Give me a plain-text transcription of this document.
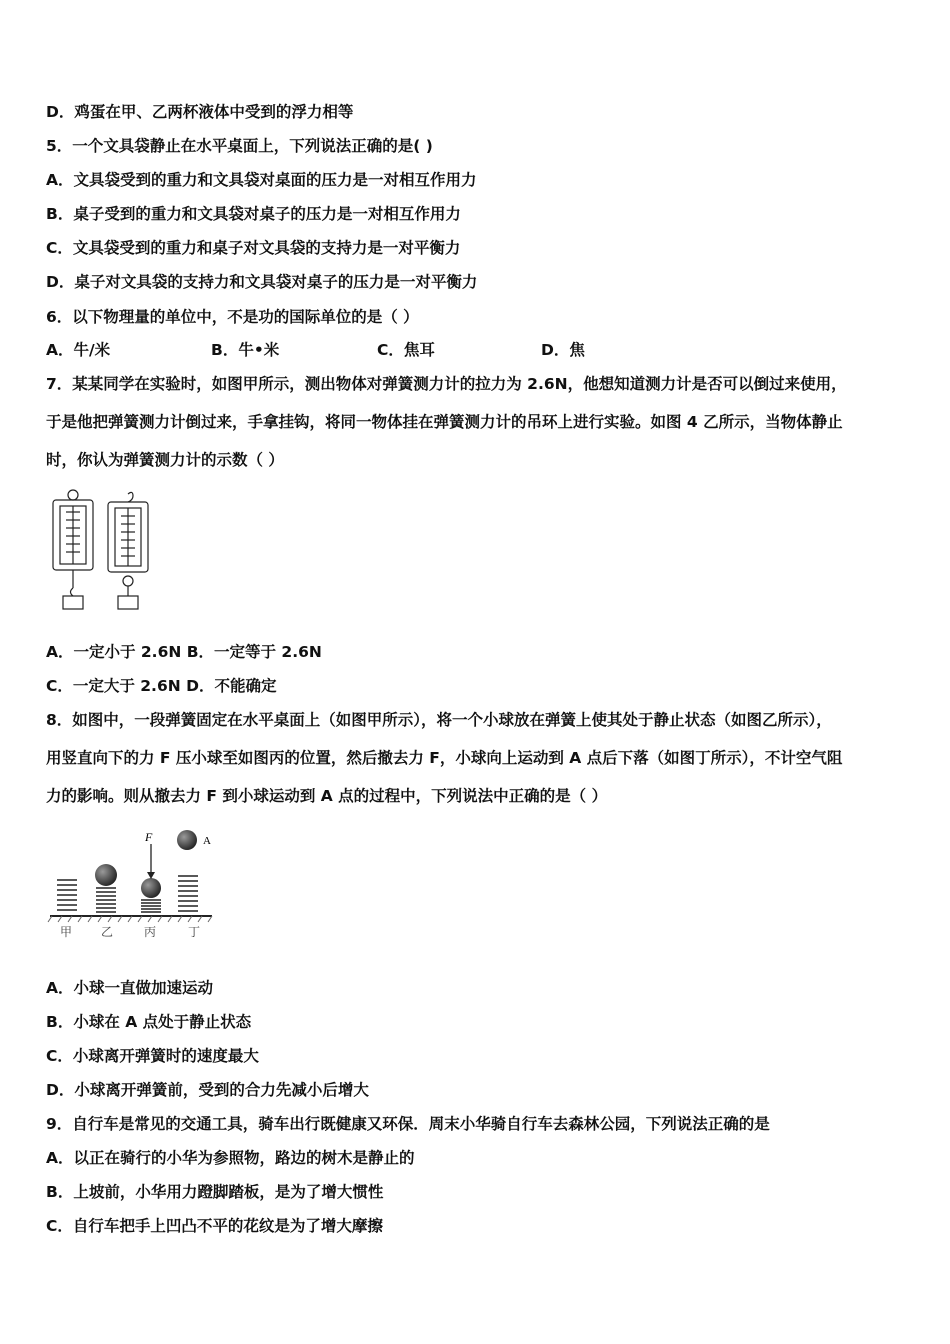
D．鸡蛋在甲、乙两杯液体中受到的浮力相等
5．一个文具袋静止在水平桌面上，下列说法正确的是( )
A．文具袋受到的重力和文具袋对桌面的压力是一对相互作用力
B．桌子受到的重力和文具袋对桌子的压力是一对相互作用力
C．文具袋受到的重力和桌子对文具袋的支持力是一对平衡力
D．桌子对文具袋的支持力和文具袋对桌子的压力是一对平衡力
6．以下物理量的单位中，不是功的国际单位的是（ ）
A．牛/米	B．牛•米	C．焦耳	D．焦
7．某某同学在实验时，如图甲所示，测出物体对弹簧测力计的拉力为 2.6N，他想知道测力计是否可以倒过来使用，
于是他把弹簧测力计倒过来，手拿挂钩，将同一物体挂在弹簧测力计的吊环上进行实验。如图 4 乙所示，当物体静止
时，你认为弹簧测力计的示数（ ）
A．一定小于 2.6N B．一定等于 2.6N
C．一定大于 2.6N D．不能确定
8．如图中，一段弹簧固定在水平桌面上（如图甲所示），将一个小球放在弹簧上使其处于静止状态（如图乙所示），
用竖直向下的力 F 压小球至如图丙的位置，然后撤去力 F，小球向上运动到 A 点后下落（如图丁所示），不计空气阻
力的影响。则从撤去力 F 到小球运动到 A 点的过程中，下列说法中正确的是（ ）
F	A
甲 乙	丙	丁
A．小球一直做加速运动
B．小球在 A 点处于静止状态
C．小球离开弹簧时的速度最大
D．小球离开弹簧前，受到的合力先减小后增大
9．自行车是常见的交通工具，骑车出行既健康又环保．周末小华骑自行车去森林公园，下列说法正确的是
A．以正在骑行的小华为参照物，路边的树木是静止的
B．上坡前，小华用力蹬脚踏板，是为了增大惯性
C．自行车把手上凹凸不平的花纹是为了增大摩擦
